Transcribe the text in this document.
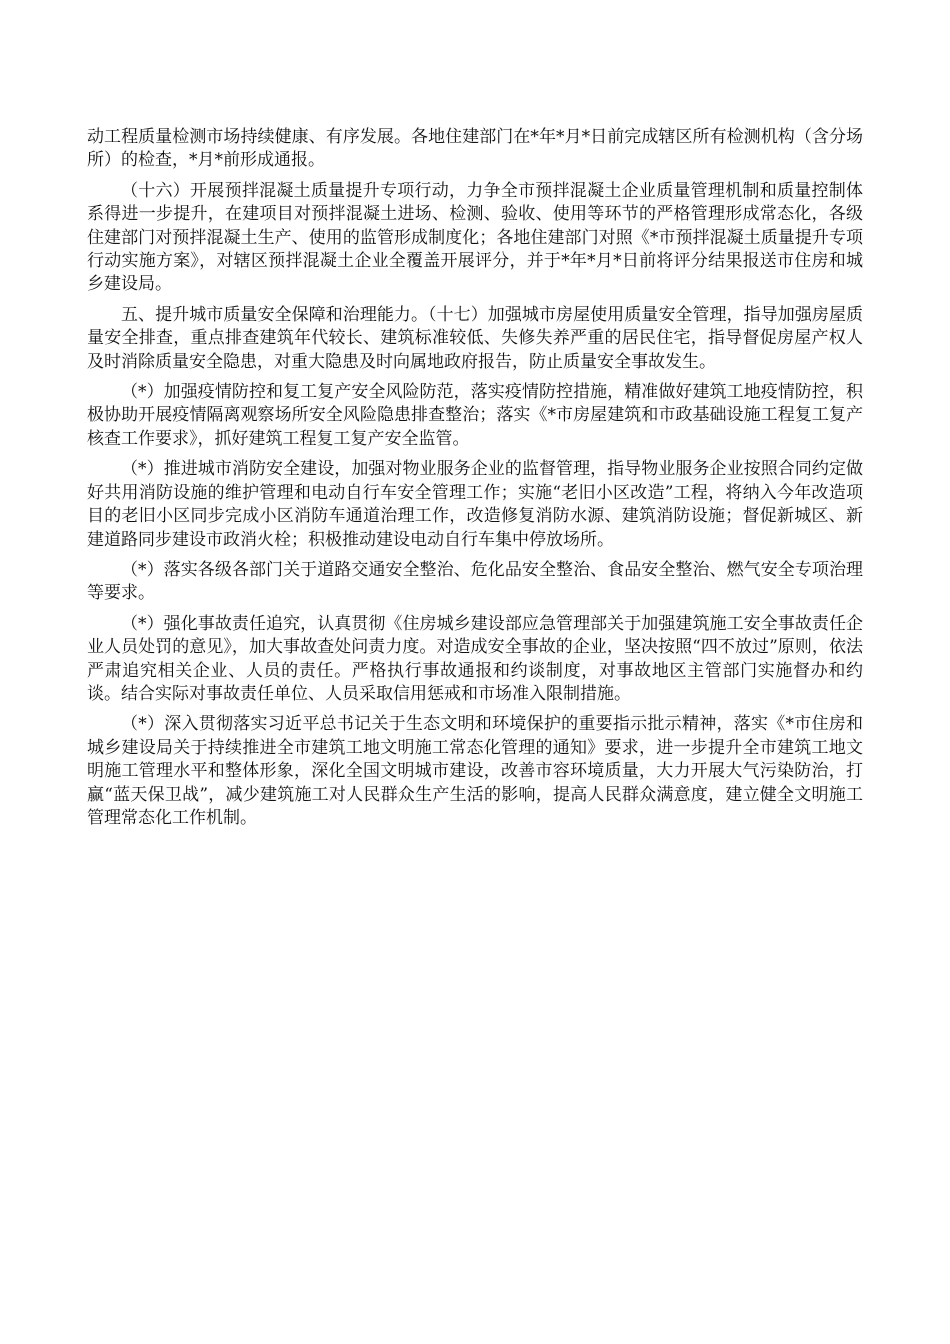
动工程质量检测市场持续健康、有序发展。各地住建部门在*年*月*日前完成辖区所有检测机构（含分场所）的检查，*月*前形成通报。

（十六）开展预拌混凝土质量提升专项行动，力争全市预拌混凝土企业质量管理机制和质量控制体系得进一步提升，在建项目对预拌混凝土进场、检测、验收、使用等环节的严格管理形成常态化，各级住建部门对预拌混凝土生产、使用的监管形成制度化；各地住建部门对照《*市预拌混凝土质量提升专项行动实施方案》，对辖区预拌混凝土企业全覆盖开展评分，并于*年*月*日前将评分结果报送市住房和城乡建设局。

五、提升城市质量安全保障和治理能力。（十七）加强城市房屋使用质量安全管理，指导加强房屋质量安全排查，重点排查建筑年代较长、建筑标准较低、失修失养严重的居民住宅，指导督促房屋产权人及时消除质量安全隐患，对重大隐患及时向属地政府报告，防止质量安全事故发生。

（*）加强疫情防控和复工复产安全风险防范，落实疫情防控措施，精准做好建筑工地疫情防控，积极协助开展疫情隔离观察场所安全风险隐患排查整治；落实《*市房屋建筑和市政基础设施工程复工复产核查工作要求》，抓好建筑工程复工复产安全监管。

（*）推进城市消防安全建设，加强对物业服务企业的监督管理，指导物业服务企业按照合同约定做好共用消防设施的维护管理和电动自行车安全管理工作；实施“老旧小区改造”工程，将纳入今年改造项目的老旧小区同步完成小区消防车通道治理工作，改造修复消防水源、建筑消防设施；督促新城区、新建道路同步建设市政消火栓；积极推动建设电动自行车集中停放场所。

（*）落实各级各部门关于道路交通安全整治、危化品安全整治、食品安全整治、燃气安全专项治理等要求。

（*）强化事故责任追究，认真贯彻《住房城乡建设部应急管理部关于加强建筑施工安全事故责任企业人员处罚的意见》，加大事故查处问责力度。对造成安全事故的企业，坚决按照“四不放过”原则，依法严肃追究相关企业、人员的责任。严格执行事故通报和约谈制度，对事故地区主管部门实施督办和约谈。结合实际对事故责任单位、人员采取信用惩戒和市场准入限制措施。

（*）深入贯彻落实习近平总书记关于生态文明和环境保护的重要指示批示精神，落实《*市住房和城乡建设局关于持续推进全市建筑工地文明施工常态化管理的通知》要求，进一步提升全市建筑工地文明施工管理水平和整体形象，深化全国文明城市建设，改善市容环境质量，大力开展大气污染防治，打赢“蓝天保卫战”，减少建筑施工对人民群众生产生活的影响，提高人民群众满意度，建立健全文明施工管理常态化工作机制。
